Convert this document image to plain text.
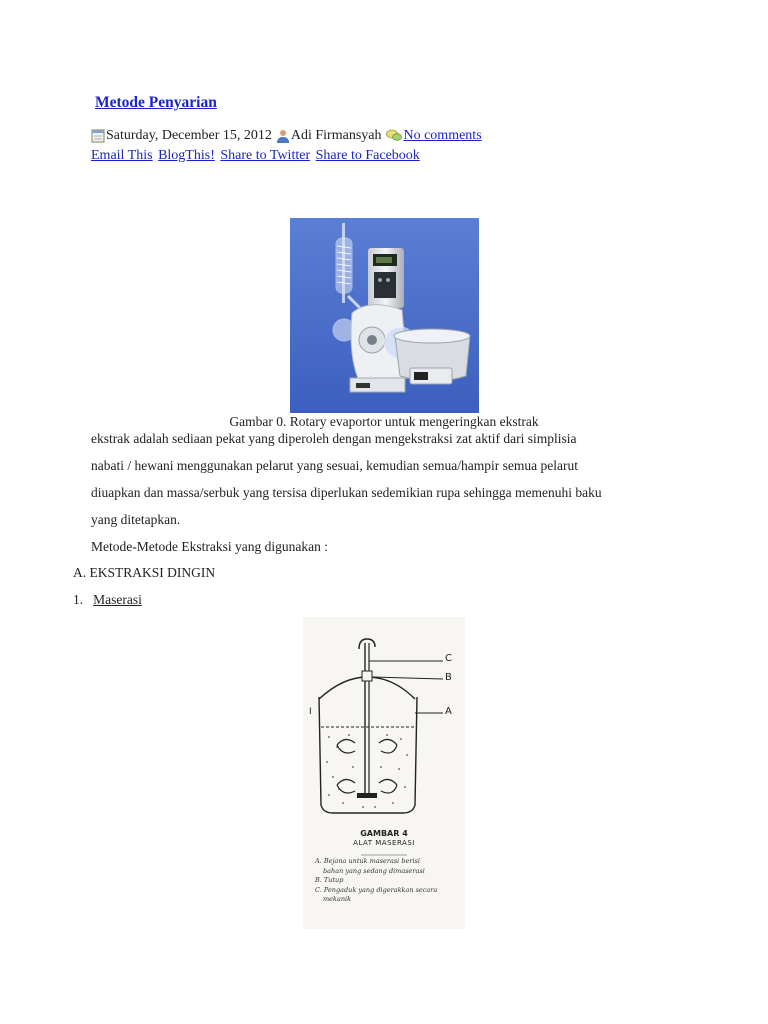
Metode Penyarian
Saturday, December 15, 2012 Adi Firmansyah No comments
Email This BlogThis! Share to Twitter Share to Facebook
Gambar 0. Rotary evaportor untuk mengeringkan ekstrak
ekstrak adalah sediaan pekat yang diperoleh dengan mengekstraksi zat aktif dari simplisia
nabati / hewani menggunakan pelarut yang sesuai, kemudian semua/hampir semua pelarut
diuapkan dan massa/serbuk yang tersisa diperlukan sedemikian rupa sehingga memenuhi baku
yang ditetapkan.
Metode-Metode Ekstraksi yang digunakan :
A. EKSTRAKSI DINGIN
1. Maserasi
C
B
A
I
GAMBAR 4
ALAT MASERASI
A. Bejana untuk maserasi berisi
bahan yang sedang dimaserasi
B. Tutup
C. Pengaduk yang digerakkan secara
mekanik
